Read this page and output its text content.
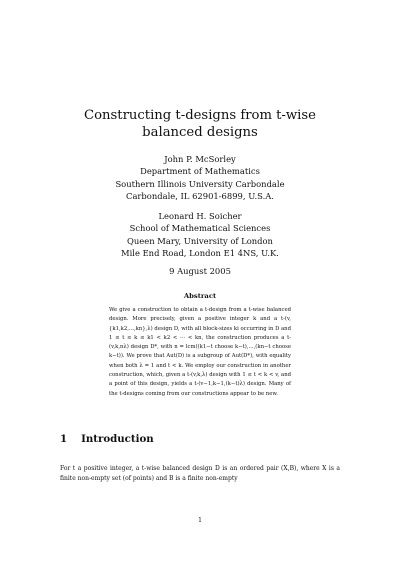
Constructing t-designs from t-wise balanced designs
John P. McSorley
Department of Mathematics
Southern Illinois University Carbondale
Carbondale, IL 62901-6899, U.S.A.
Leonard H. Soicher
School of Mathematical Sciences
Queen Mary, University of London
Mile End Road, London E1 4NS, U.K.
9 August 2005
Abstract
We give a construction to obtain a t-design from a t-wise balanced design. More precisely, given a positive integer k and a t-(v,{k1,k2,...,kn},λ) design D, with all block-sizes ki occurring in D and 1 ≤ t ≤ k ≤ k1 < k2 < ··· < kn, the construction produces a t-(v,k,nλ) design D*, with n = lcm((k1−t choose k−t),...,(kn−t choose k−t)). We prove that Aut(D) is a subgroup of Aut(D*), with equality when both λ = 1 and t < k. We employ our construction in another construction, which, given a t-(v,k,λ) design with 1 ≤ t < k < v, and a point of this design, yields a t-(v−1,k−1,(k−t)λ) design. Many of the t-designs coming from our constructions appear to be new.
1 Introduction
For t a positive integer, a t-wise balanced design D is an ordered pair (X,B), where X is a finite non-empty set (of points) and B is a finite non-empty
1
